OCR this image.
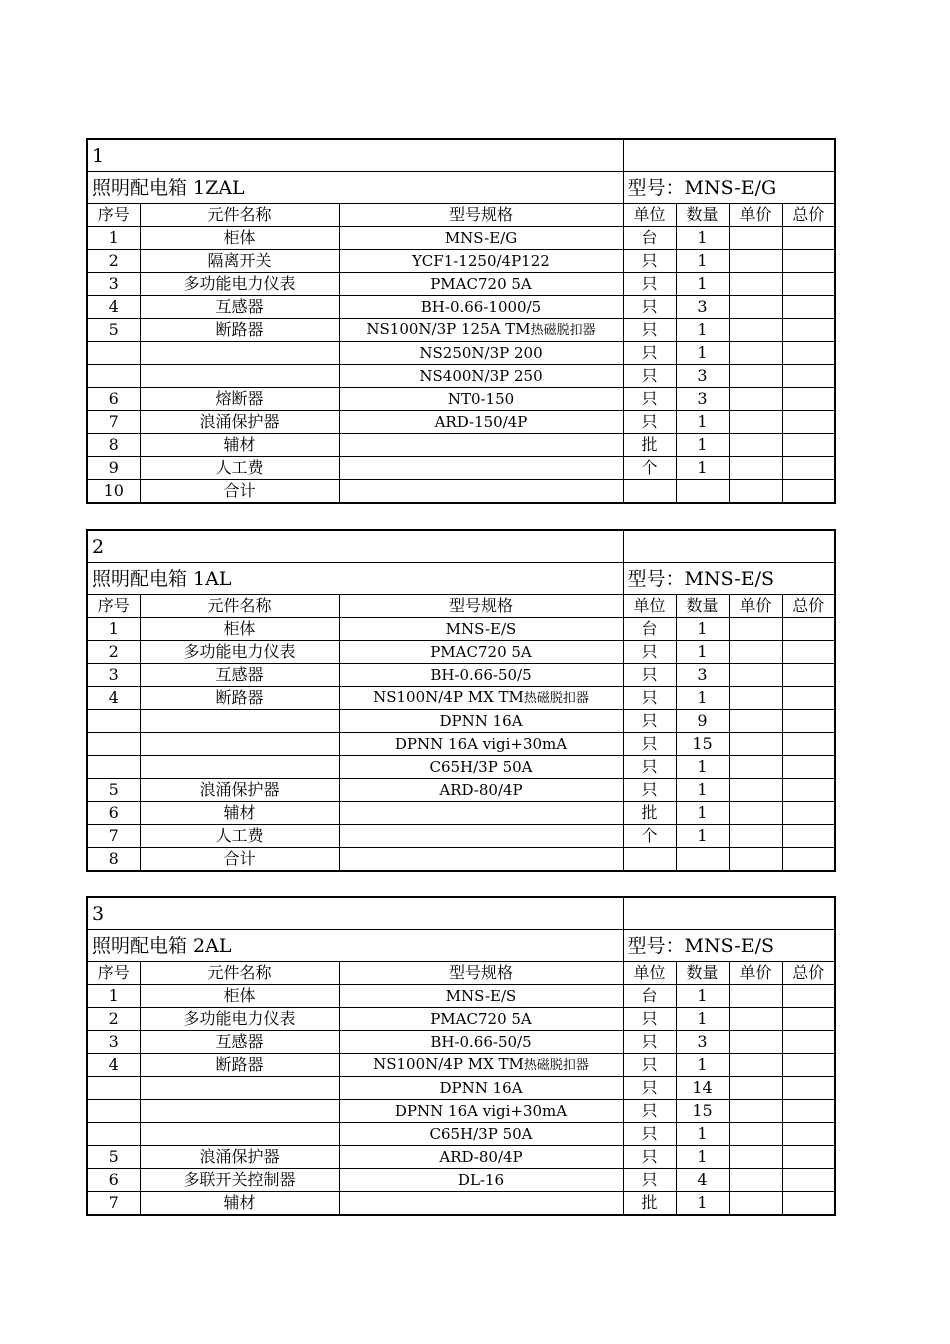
1						
照明配电箱 1ZAL			型号：MNS-E/G			
序号	元件名称	型号规格	单位	数量	单价	总价
1	柜体	MNS-E/G	台	1		
2	隔离开关	YCF1-1250/4P122	只	1		
3	多功能电力仪表	PMAC720 5A	只	1		
4	互感器	BH-0.66-1000/5	只	3		
5	断路器	NS100N/3P 125A TM热磁脱扣器	只	1		
		NS250N/3P 200	只	1		
		NS400N/3P 250	只	3		
6	熔断器	NT0-150	只	3		
7	浪涌保护器	ARD-150/4P	只	1		
8	辅材		批	1		
9	人工费		个	1		
10	合计					
2						
照明配电箱 1AL			型号：MNS-E/S			
序号	元件名称	型号规格	单位	数量	单价	总价
1	柜体	MNS-E/S	台	1		
2	多功能电力仪表	PMAC720 5A	只	1		
3	互感器	BH-0.66-50/5	只	3		
4	断路器	NS100N/4P MX TM热磁脱扣器	只	1		
		DPNN 16A	只	9		
		DPNN 16A vigi+30mA	只	15		
		C65H/3P 50A	只	1		
5	浪涌保护器	ARD-80/4P	只	1		
6	辅材		批	1		
7	人工费		个	1		
8	合计					
3						
照明配电箱 2AL			型号：MNS-E/S			
序号	元件名称	型号规格	单位	数量	单价	总价
1	柜体	MNS-E/S	台	1		
2	多功能电力仪表	PMAC720 5A	只	1		
3	互感器	BH-0.66-50/5	只	3		
4	断路器	NS100N/4P MX TM热磁脱扣器	只	1		
		DPNN 16A	只	14		
		DPNN 16A vigi+30mA	只	15		
		C65H/3P 50A	只	1		
5	浪涌保护器	ARD-80/4P	只	1		
6	多联开关控制器	DL-16	只	4		
7	辅材		批	1		
